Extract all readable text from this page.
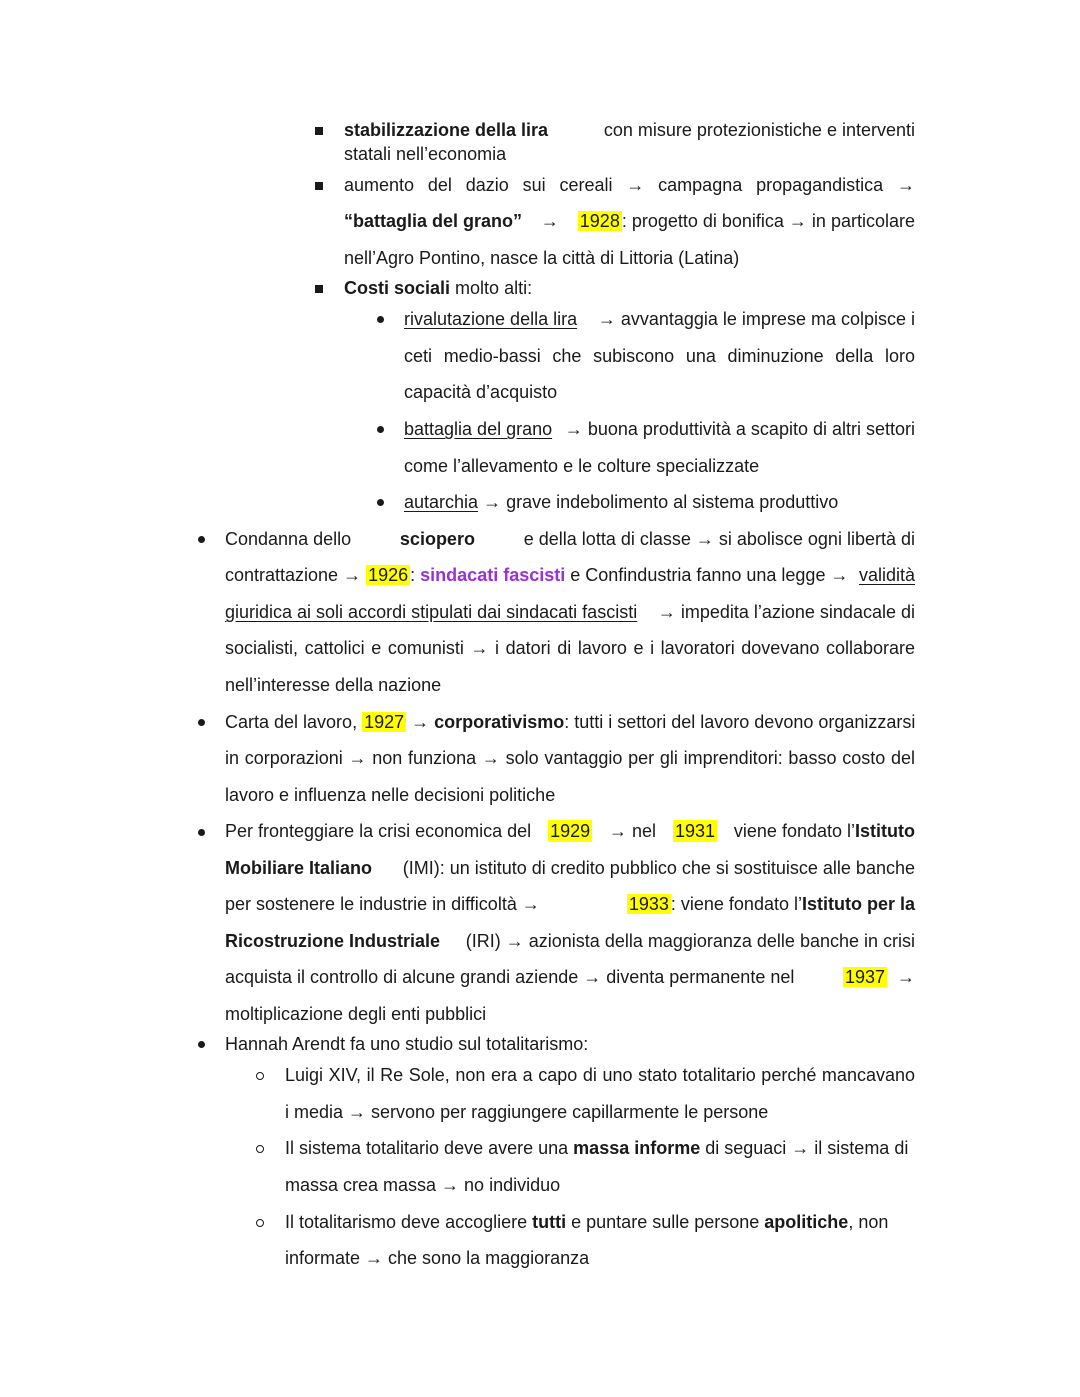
stabilizzazione della lira	con misure protezionistiche e interventi
statali nell’economia
aumento del dazio sui cereali → campagna propagandistica →
“battaglia del grano” → 1928 : progetto di bonifica → in particolare
nell’Agro Pontino, nasce la città di Littoria (Latina)
Costi sociali molto alti:
rivalutazione della lira → avvantaggia le imprese ma colpisce i
ceti medio-bassi che subiscono una diminuzione della loro
capacità d’acquisto
battaglia del grano → buona produttività a scapito di altri settori
come l’allevamento e le colture specializzate
autarchia → grave indebolimento al sistema produttivo
Condanna dello	sciopero	e della lotta di classe → si abolisce ogni libertà di
contrattazione → 1926 : sindacati fascisti e Confindustria fanno una legge → validità
giuridica ai soli accordi stipulati dai sindacati fascisti → impedita l’azione sindacale di
socialisti, cattolici e comunisti → i datori di lavoro e i lavoratori dovevano collaborare
nell’interesse della nazione
Carta del lavoro, 1927 → corporativismo: tutti i settori del lavoro devono organizzarsi
in corporazioni → non funziona → solo vantaggio per gli imprenditori: basso costo del
lavoro e influenza nelle decisioni politiche
Per fronteggiare la crisi economica del 1929 → nel 1931 viene fondato l’Istituto
Mobiliare Italiano (IMI): un istituto di credito pubblico che si sostituisce alle banche
per sostenere le industrie in difficoltà →	1933 : viene fondato l’Istituto per la
Ricostruzione Industriale (IRI) → azionista della maggioranza delle banche in crisi
acquista il controllo di alcune grandi aziende → diventa permanente nel	1937 →
moltiplicazione degli enti pubblici
Hannah Arendt fa uno studio sul totalitarismo:
Luigi XIV, il Re Sole, non era a capo di uno stato totalitario perché mancavano
i media → servono per raggiungere capillarmente le persone
Il sistema totalitario deve avere una massa informe di seguaci → il sistema di
massa crea massa → no individuo
Il totalitarismo deve accogliere tutti e puntare sulle persone apolitiche, non
informate → che sono la maggioranza
